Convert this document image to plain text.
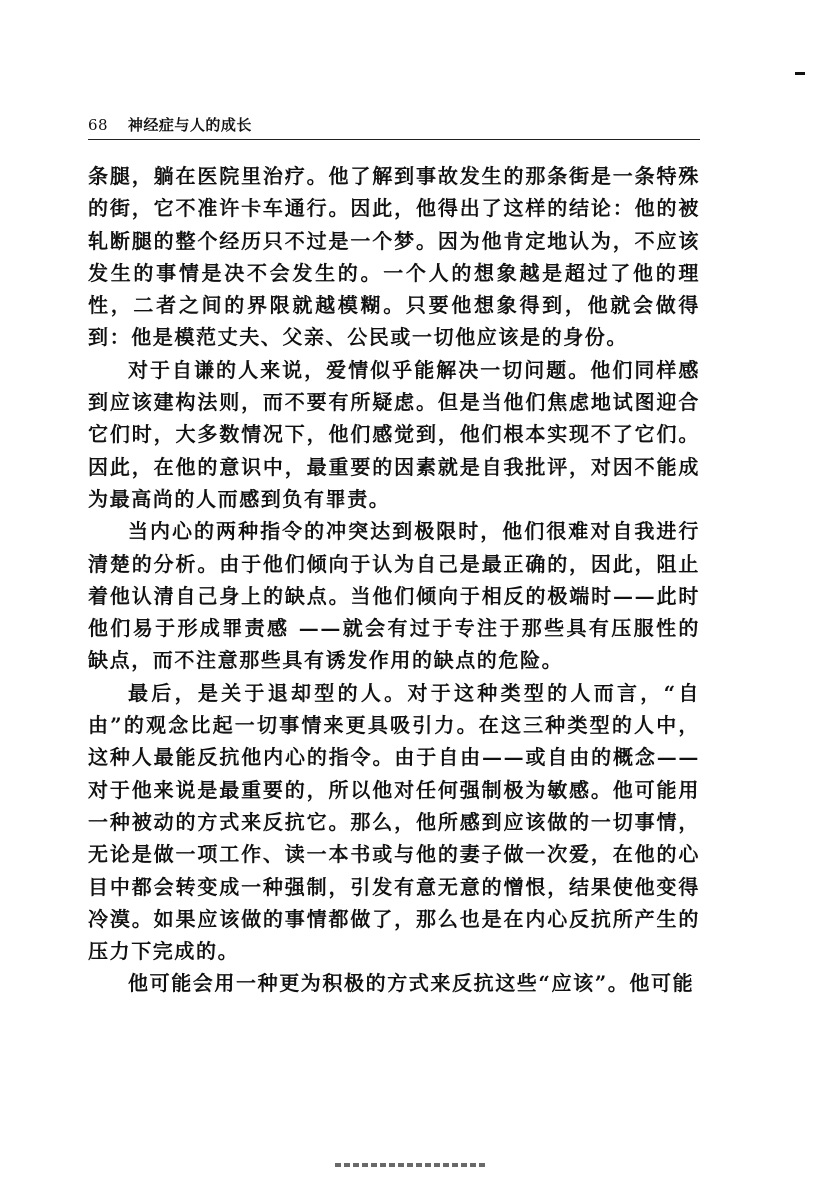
68 神经症与人的成长

条腿，躺在医院里治疗。他了解到事故发生的那条街是一条特殊的街，它不准许卡车通行。因此，他得出了这样的结论：他的被轧断腿的整个经历只不过是一个梦。因为他肯定地认为，不应该发生的事情是决不会发生的。一个人的想象越是超过了他的理性，二者之间的界限就越模糊。只要他想象得到，他就会做得到：他是模范丈夫、父亲、公民或一切他应该是的身份。

对于自谦的人来说，爱情似乎能解决一切问题。他们同样感到应该建构法则，而不要有所疑虑。但是当他们焦虑地试图迎合它们时，大多数情况下，他们感觉到，他们根本实现不了它们。因此，在他的意识中，最重要的因素就是自我批评，对因不能成为最高尚的人而感到负有罪责。

当内心的两种指令的冲突达到极限时，他们很难对自我进行清楚的分析。由于他们倾向于认为自己是最正确的，因此，阻止着他认清自己身上的缺点。当他们倾向于相反的极端时——此时他们易于形成罪责感 ——就会有过于专注于那些具有压服性的缺点，而不注意那些具有诱发作用的缺点的危险。

最后，是关于退却型的人。对于这种类型的人而言，“自由”的观念比起一切事情来更具吸引力。在这三种类型的人中，这种人最能反抗他内心的指令。由于自由——或自由的概念——对于他来说是最重要的，所以他对任何强制极为敏感。他可能用一种被动的方式来反抗它。那么，他所感到应该做的一切事情，无论是做一项工作、读一本书或与他的妻子做一次爱，在他的心目中都会转变成一种强制，引发有意无意的憎恨，结果使他变得冷漠。如果应该做的事情都做了，那么也是在内心反抗所产生的压力下完成的。

他可能会用一种更为积极的方式来反抗这些“应该”。他可能
